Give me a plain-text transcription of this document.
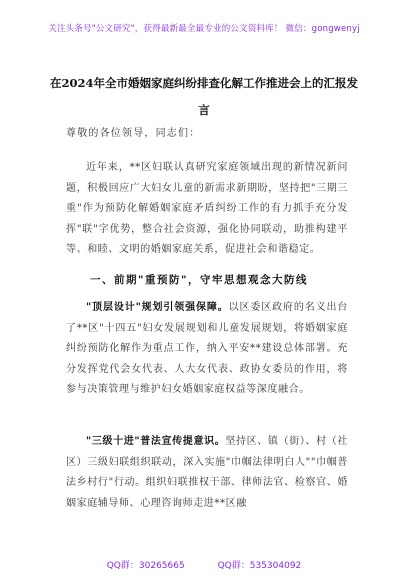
关注头条号"公文研究"，获得最新最全最专业的公文资料库！ 微信：gongwenyj
在2024年全市婚姻家庭纠纷排查化解工作推进会上的汇报发言
尊敬的各位领导，同志们：
近年来，**区妇联认真研究家庭领域出现的新情况新问题，积极回应广大妇女儿童的新需求新期盼，坚持把"三期三重"作为预防化解婚姻家庭矛盾纠纷工作的有力抓手充分发挥"联"字优势，整合社会资源，强化协同联动，助推构建平等、和睦、文明的婚姻家庭关系，促进社会和谐稳定。
一、前期"重预防"，守牢思想观念大防线
"顶层设计"规划引领强保障。以区委区政府的名义出台了**区"十四五"妇女发展规划和儿童发展规划，将婚姻家庭纠纷预防化解作为重点工作，纳入平安**建设总体部署。充分发挥党代会女代表、人大女代表、政协女委员的作用，将参与决策管理与维护妇女婚姻家庭权益等深度融合。
"三级十进"普法宣传提意识。坚持区、镇（街）、村（社区）三级妇联组织联动，深入实施"巾帼法律明白人""巾帼普法乡村行"行动。组织妇联推权干部、律师法官、检察官、婚姻家庭辅导师、心理咨询师走进**区融
QQ群：30265665	QQ群：535304092
